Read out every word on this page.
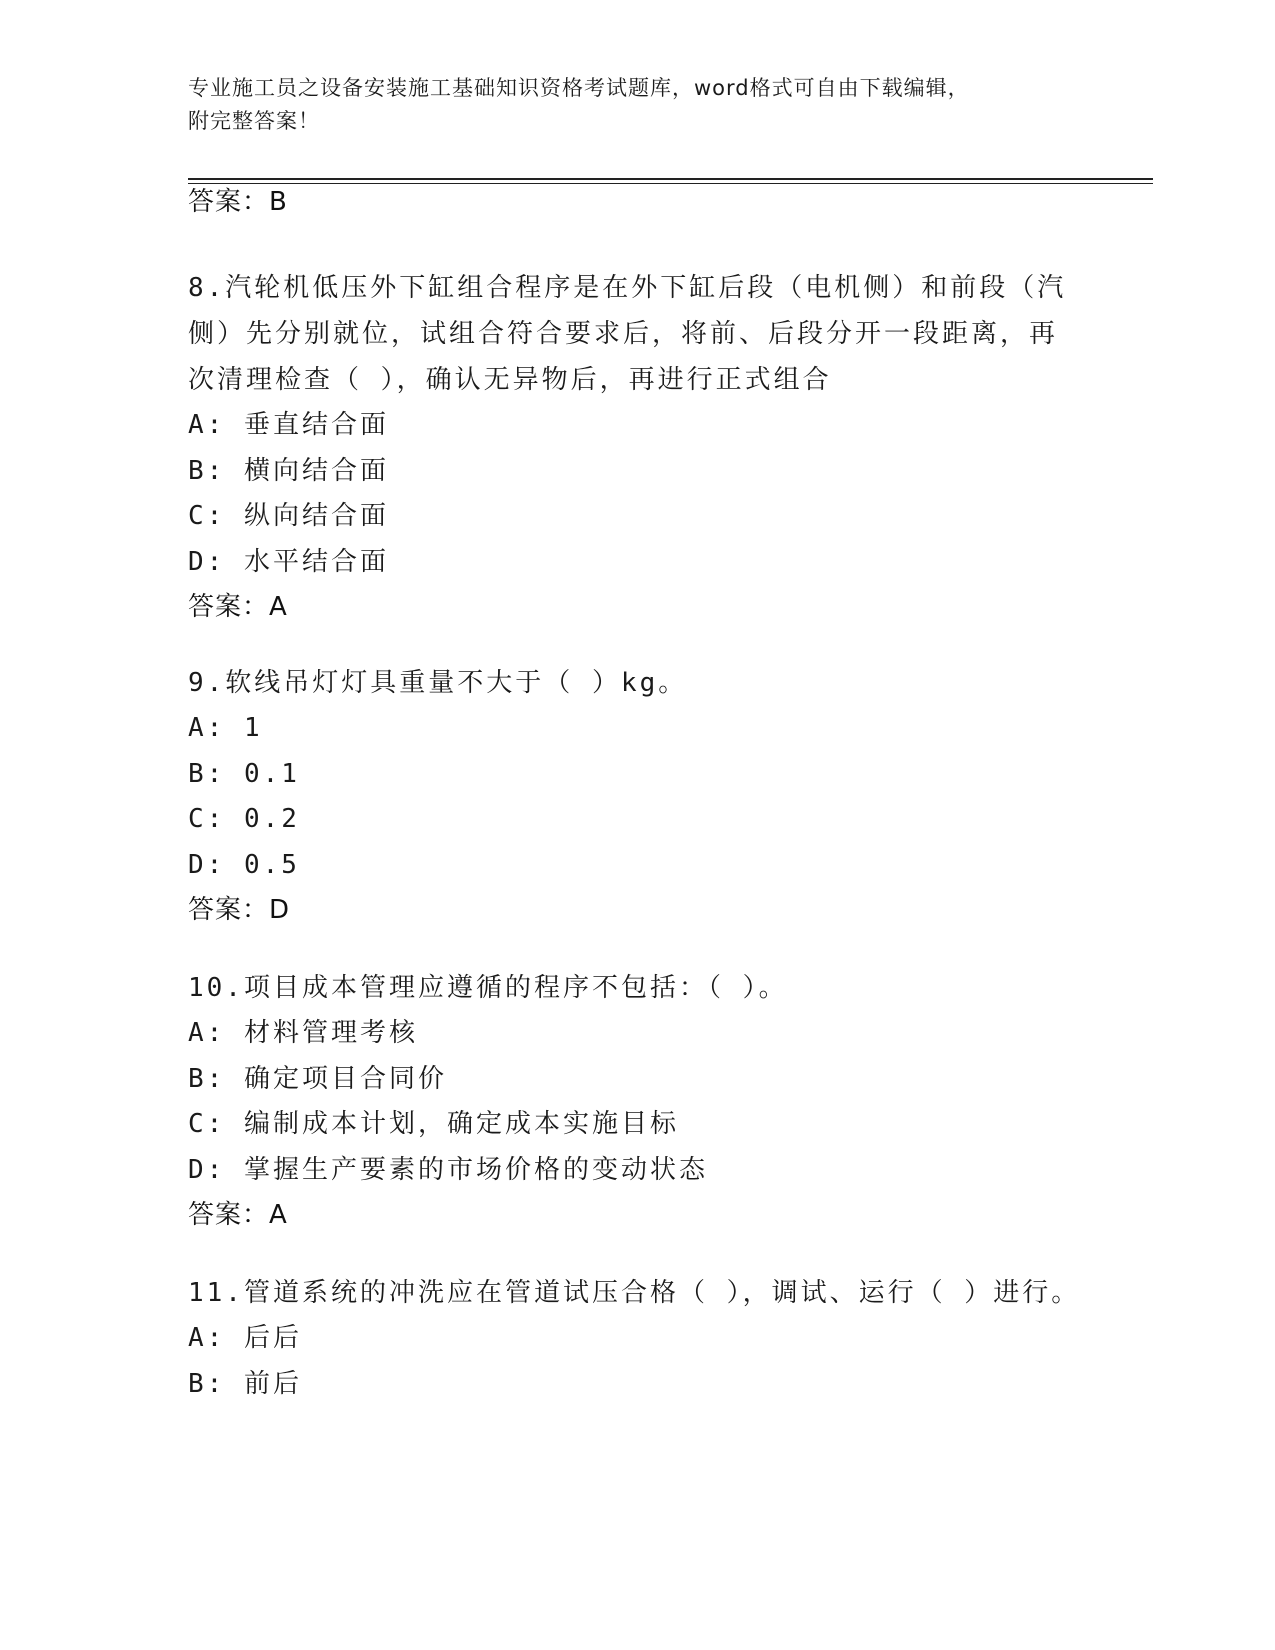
专业施工员之设备安装施工基础知识资格考试题库，word格式可自由下载编辑，
附完整答案！
答案：B
8.汽轮机低压外下缸组合程序是在外下缸后段（电机侧）和前段（汽
侧）先分别就位，试组合符合要求后，将前、后段分开一段距离，再
次清理检查（ ），确认无异物后，再进行正式组合
A: 垂直结合面
B: 横向结合面
C: 纵向结合面
D: 水平结合面
答案：A
9.软线吊灯灯具重量不大于（ ）kg。
A: 1
B: 0.1
C: 0.2
D: 0.5
答案：D
10.项目成本管理应遵循的程序不包括：（ ）。
A: 材料管理考核
B: 确定项目合同价
C: 编制成本计划，确定成本实施目标
D: 掌握生产要素的市场价格的变动状态
答案：A
11.管道系统的冲洗应在管道试压合格（ ），调试、运行（ ）进行。
A: 后后
B: 前后
